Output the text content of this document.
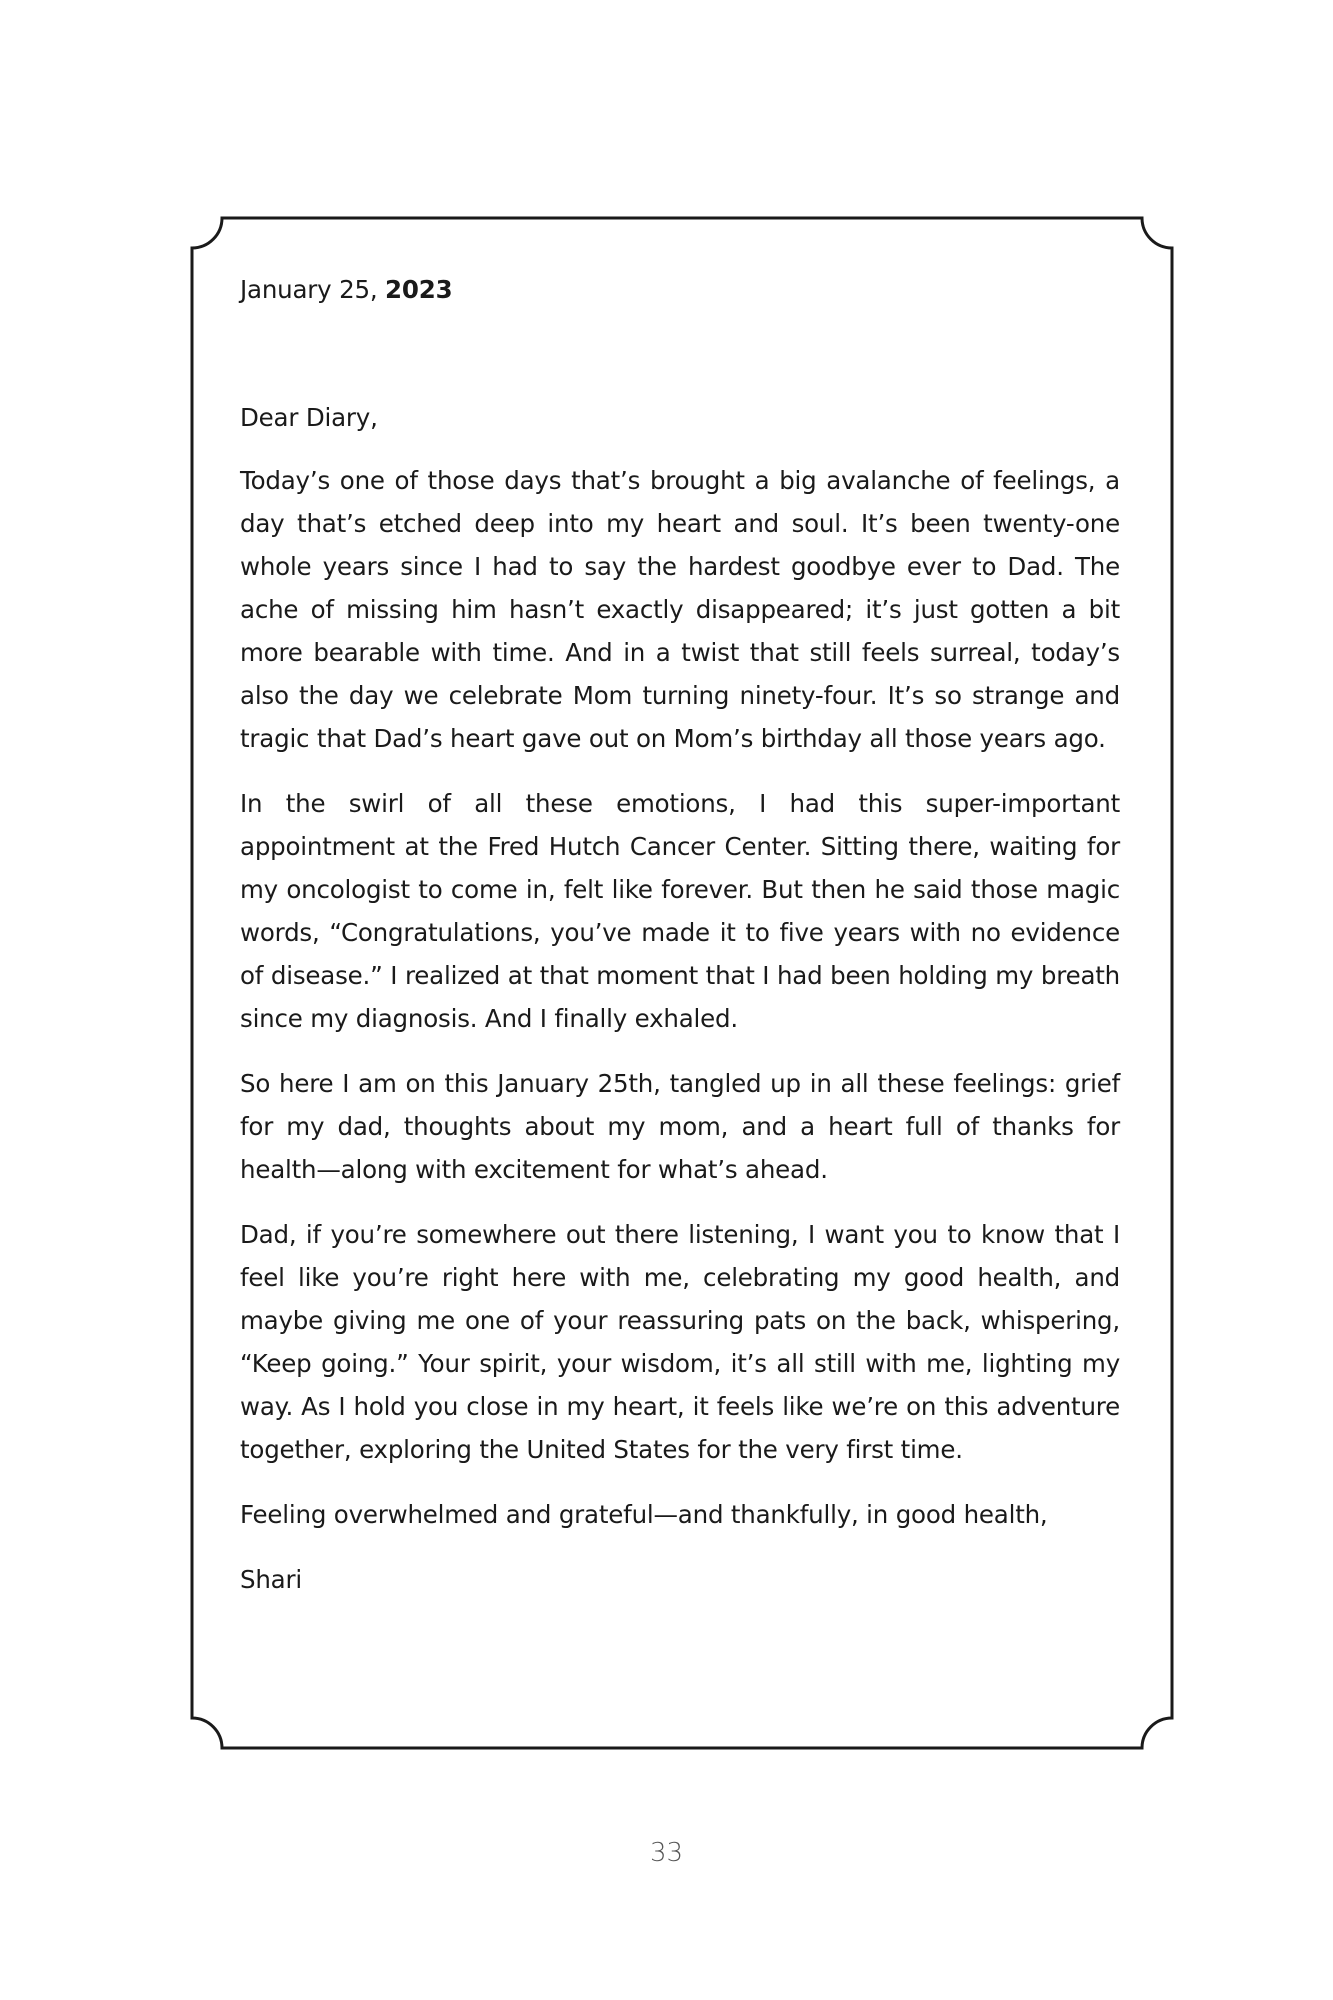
January 25, 2023

Dear Diary,

Today’s one of those days that’s brought a big avalanche of feelings, a day that’s etched deep into my heart and soul. It’s been twenty-one whole years since I had to say the hardest goodbye ever to Dad. The ache of missing him hasn’t exactly disappeared; it’s just gotten a bit more bearable with time. And in a twist that still feels surreal, today’s also the day we celebrate Mom turning ninety-four. It’s so strange and tragic that Dad’s heart gave out on Mom’s birthday all those years ago.

In the swirl of all these emotions, I had this super-important appointment at the Fred Hutch Cancer Center. Sitting there, waiting for my oncologist to come in, felt like forever. But then he said those magic words, “Congratulations, you’ve made it to five years with no evidence of disease.” I realized at that moment that I had been holding my breath since my diagnosis. And I finally exhaled.

So here I am on this January 25th, tangled up in all these feelings: grief for my dad, thoughts about my mom, and a heart full of thanks for health—along with excitement for what’s ahead.

Dad, if you’re somewhere out there listening, I want you to know that I feel like you’re right here with me, celebrating my good health, and maybe giving me one of your reassuring pats on the back, whispering, “Keep going.” Your spirit, your wisdom, it’s all still with me, lighting my way. As I hold you close in my heart, it feels like we’re on this adventure together, exploring the United States for the very first time.

Feeling overwhelmed and grateful—and thankfully, in good health,

Shari

33
